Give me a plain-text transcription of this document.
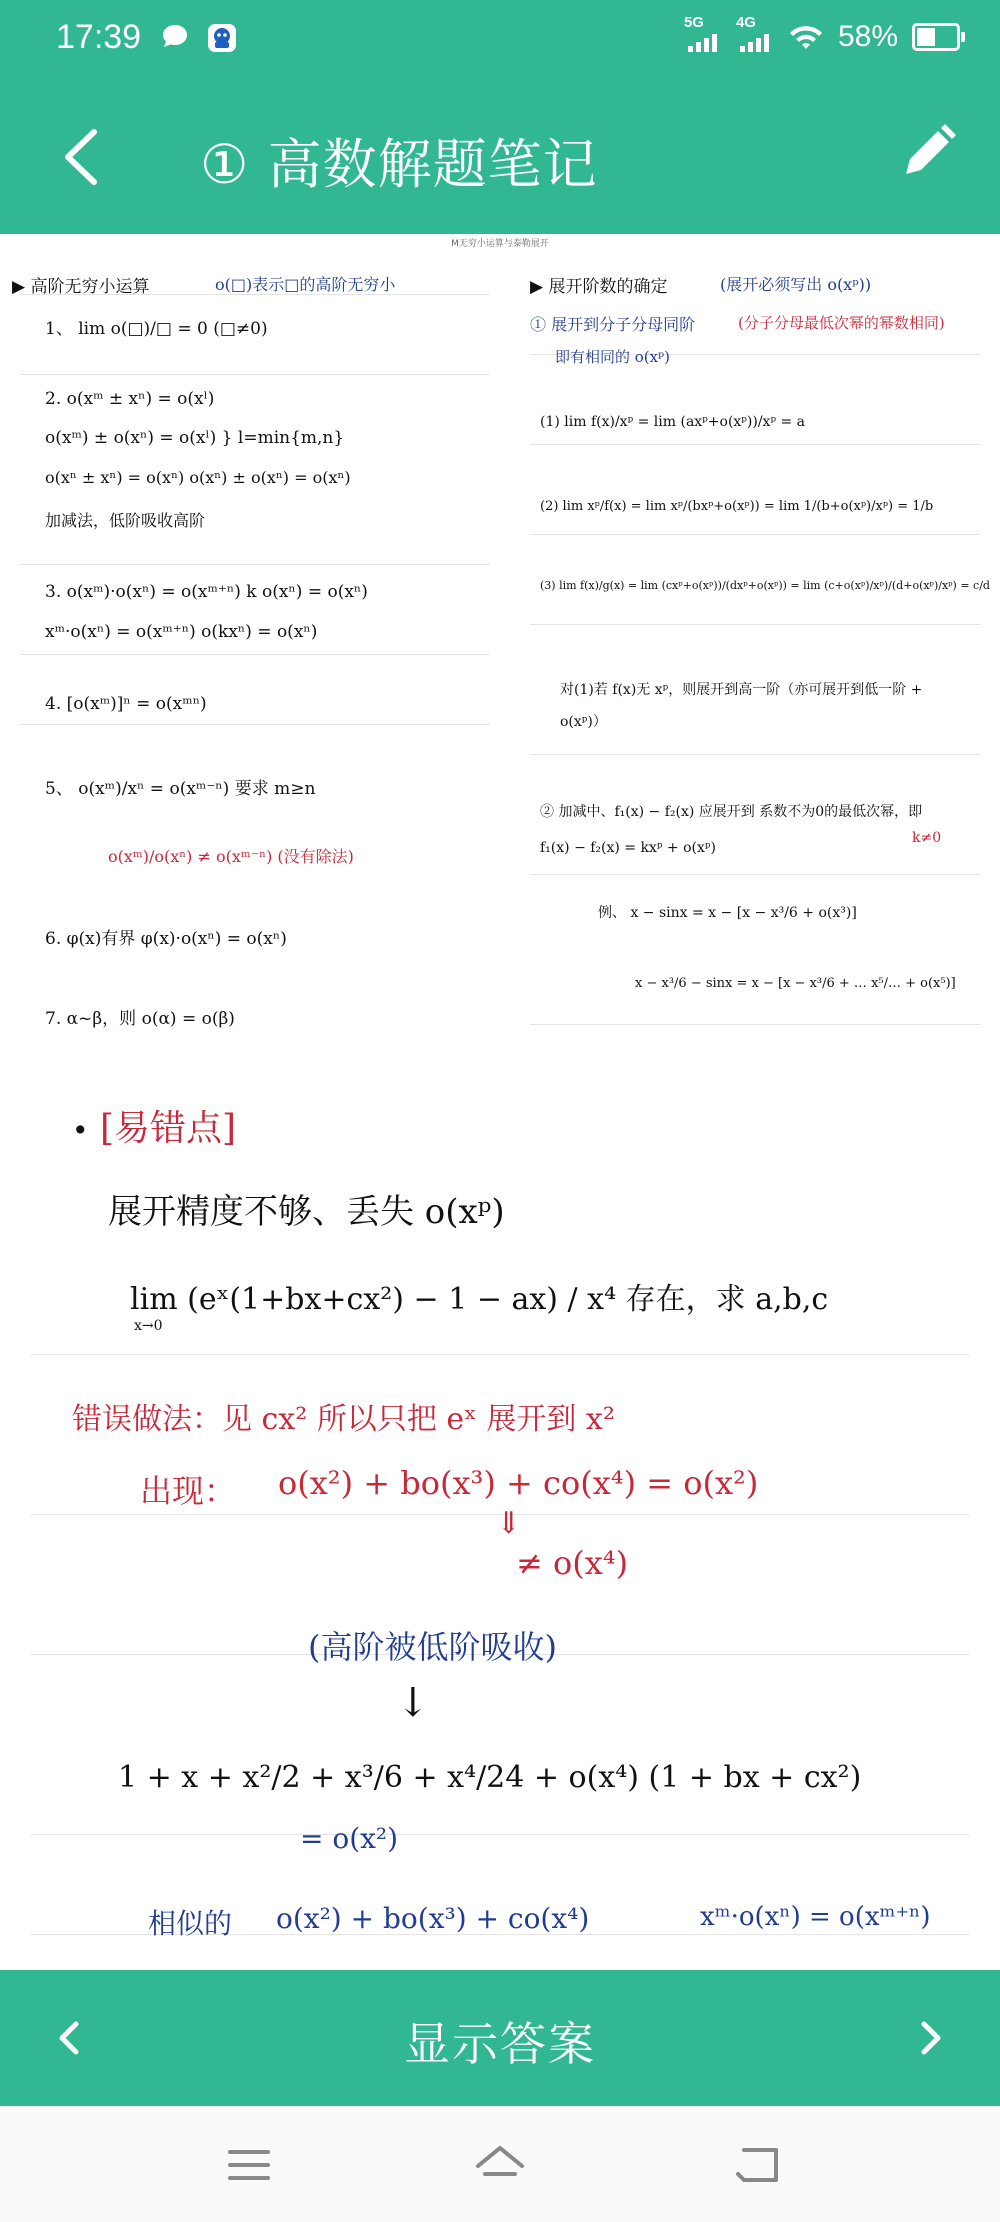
17:39	5G 4G	58%
① 高数解题笔记
M无穷小运算与泰勒展开
▶ 高阶无穷小运算	o(□)表示□的高阶无穷小
1、 lim o(□)/□ = 0 (□≠0)
2. o(xᵐ ± xⁿ) = o(xˡ)
o(xᵐ) ± o(xⁿ) = o(xˡ) } l=min{m,n}
o(xⁿ ± xⁿ) = o(xⁿ) o(xⁿ) ± o(xⁿ) = o(xⁿ)
加减法，低阶吸收高阶
3. o(xᵐ)·o(xⁿ) = o(xᵐ⁺ⁿ) k o(xⁿ) = o(xⁿ)
xᵐ·o(xⁿ) = o(xᵐ⁺ⁿ) o(kxⁿ) = o(xⁿ)
4. [o(xᵐ)]ⁿ = o(xᵐⁿ)
5、 o(xᵐ)/xⁿ = o(xᵐ⁻ⁿ) 要求 m≥n
o(xᵐ)/o(xⁿ) ≠ o(xᵐ⁻ⁿ) (没有除法)
6. φ(x)有界 φ(x)·o(xⁿ) = o(xⁿ)
7. α~β，则 o(α) = o(β)
▶ 展开阶数的确定	(展开必须写出 o(xᵖ))
① 展开到分子分母同阶	(分子分母最低次幂的幂数相同)
即有相同的 o(xᵖ)
(1) lim f(x)/xᵖ = lim (axᵖ+o(xᵖ))/xᵖ = a
(2) lim xᵖ/f(x) = lim xᵖ/(bxᵖ+o(xᵖ)) = lim 1/(b+o(xᵖ)/xᵖ) = 1/b
(3) lim f(x)/g(x) = lim (cxᵖ+o(xᵖ))/(dxᵖ+o(xᵖ)) = lim (c+o(xᵖ)/xᵖ)/(d+o(xᵖ)/xᵖ) = c/d
对(1)若 f(x)无 xᵖ，则展开到高一阶（亦可展开到低一阶 + o(xᵖ)）
② 加减中、f₁(x) − f₂(x) 应展开到 系数不为0的最低次幂，即 f₁(x) − f₂(x) = kxᵖ + o(xᵖ)
k≠0
例、 x − sinx = x − [x − x³/6 + o(x³)]
x − x³/6 − sinx = x − [x − x³/6 + … x⁵/… + o(x⁵)]
• [易错点]
展开精度不够、丢失 o(xᵖ)
lim (eˣ(1+bx+cx²) − 1 − ax) / x⁴ 存在，求 a,b,c
x→0
错误做法：见 cx² 所以只把 eˣ 展开到 x²
出现： o(x²) + bo(x³) + co(x⁴) = o(x²)
⇓
≠ o(x⁴)
(高阶被低阶吸收)
↓
1 + x + x²/2 + x³/6 + x⁴/24 + o(x⁴) (1 + bx + cx²)
= o(x²)
相似的 o(x²) + bo(x³) + co(x⁴)	xᵐ·o(xⁿ) = o(xᵐ⁺ⁿ)
显示答案
